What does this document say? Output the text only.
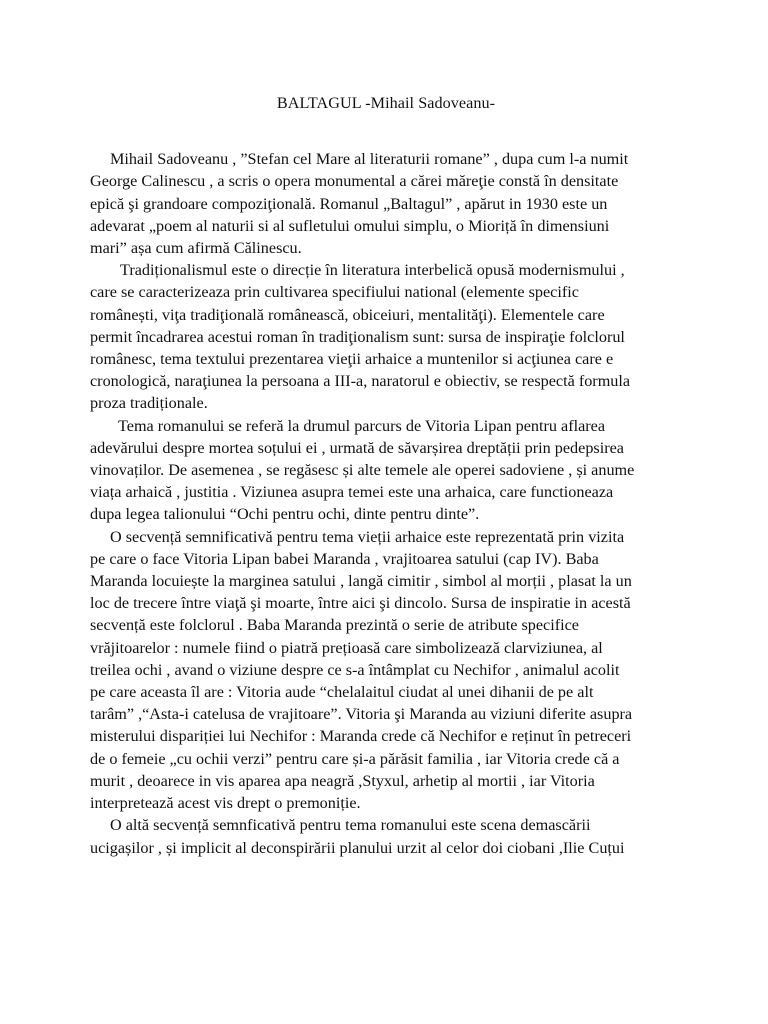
BALTAGUL -Mihail Sadoveanu-
Mihail Sadoveanu , ”Stefan cel Mare al literaturii romane” , dupa cum l-a numit
George Calinescu , a scris o opera monumental a cărei măreţie constă în densitate
epică şi grandoare compoziţională. Romanul „Baltagul” , apărut in 1930 este un
adevarat „poem al naturii si al sufletului omului simplu, o Mioriță în dimensiuni
mari” așa cum afirmă Călinescu.
Tradiționalismul este o direcție în literatura interbelică opusă modernismului ,
care se caracterizeaza prin cultivarea specifiului national (elemente specific
românești, viţa tradiţională românească, obiceiuri, mentalităţi). Elementele care
permit încadrarea acestui roman în tradiţionalism sunt: sursa de inspiraţie folclorul
românesc, tema textului prezentarea vieţii arhaice a muntenilor si acţiunea care e
cronologică, naraţiunea la persoana a III-a, naratorul e obiectiv, se respectă formula
proza tradiționale.
Tema romanului se referă la drumul parcurs de Vitoria Lipan pentru aflarea
adevărului despre mortea soțului ei , urmată de săvarșirea dreptății prin pedepsirea
vinovaților. De asemenea , se regăsesc și alte temele ale operei sadoviene , și anume
viața arhaică , justitia . Viziunea asupra temei este una arhaica, care functioneaza
dupa legea talionului “Ochi pentru ochi, dinte pentru dinte”.
O secvență semnificativă pentru tema vieții arhaice este reprezentată prin vizita
pe care o face Vitoria Lipan babei Maranda , vrajitoarea satului (cap IV). Baba
Maranda locuiește la marginea satului , langă cimitir , simbol al morții , plasat la un
loc de trecere între viaţă şi moarte, între aici şi dincolo. Sursa de inspiratie in acestă
secvență este folclorul . Baba Maranda prezintă o serie de atribute specifice
vrăjitoarelor : numele fiind o piatră prețioasă care simbolizează clarviziunea, al
treilea ochi , avand o viziune despre ce s-a întâmplat cu Nechifor , animalul acolit
pe care aceasta îl are : Vitoria aude “chelalaitul ciudat al unei dihanii de pe alt
tarâm” ,“Asta-i catelusa de vrajitoare”. Vitoria şi Maranda au viziuni diferite asupra
misterului dispariției lui Nechifor : Maranda crede că Nechifor e reținut în petreceri
de o femeie „cu ochii verzi” pentru care și-a părăsit familia , iar Vitoria crede că a
murit , deoarece in vis aparea apa neagră ,Styxul, arhetip al mortii , iar Vitoria
interpretează acest vis drept o premoniție.
O altă secvență semnficativă pentru tema romanului este scena demascării
ucigașilor , și implicit al deconspirării planului urzit al celor doi ciobani ,Ilie Cuțui
